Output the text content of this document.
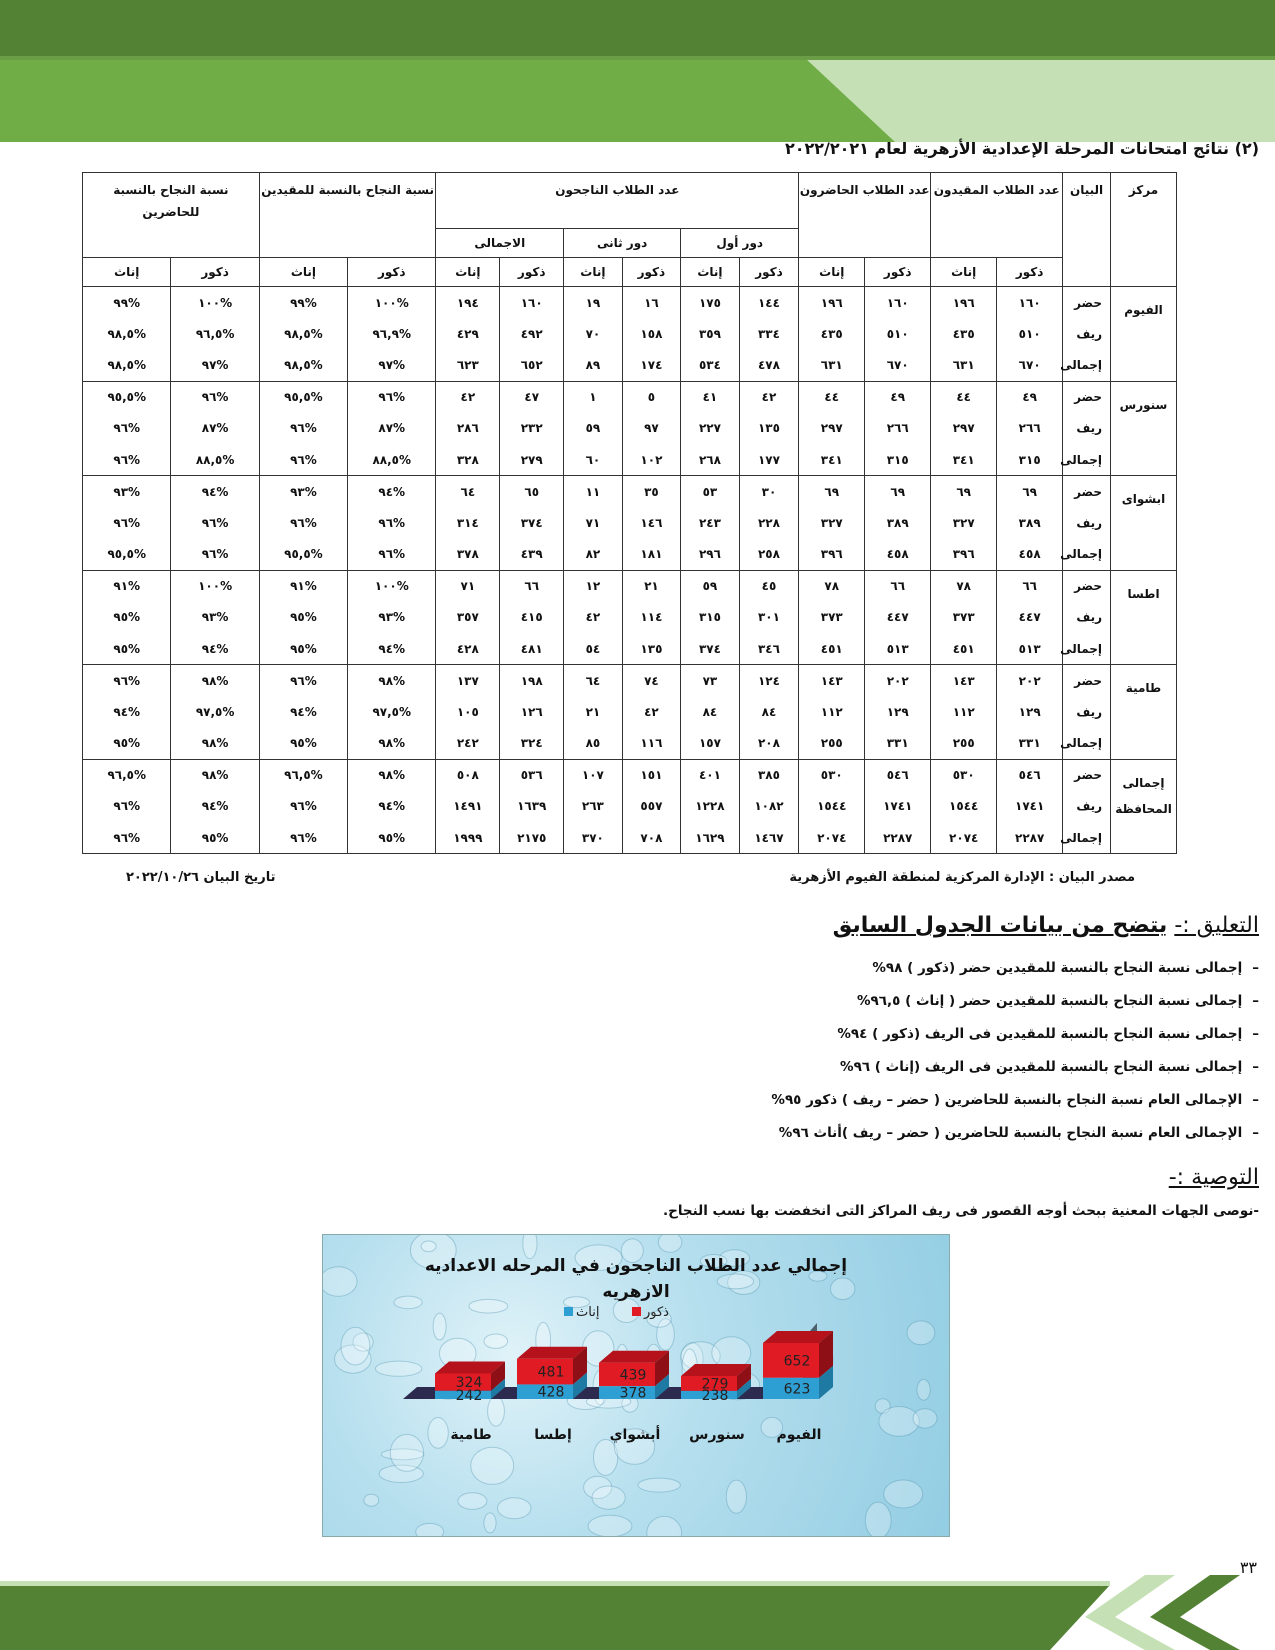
(٢) نتائج امتحانات المرحلة الإعدادية الأزهرية لعام ٢٠٢٢/٢٠٢١
مركز	البيان	عدد الطلاب المقيدون		عدد الطلاب الحاضرون		عدد الطلاب الناجحون						نسبة النجاح بالنسبة للمقيدين		نسبة النجاح بالنسبة للحاضرين	
						دور أول		دور ثانى		الاجمالى					
		ذكور	إناث	ذكور	إناث	ذكور	إناث	ذكور	إناث	ذكور	إناث	ذكور	إناث	ذكور	إناث
الفيوم	حضر	١٦٠	١٩٦	١٦٠	١٩٦	١٤٤	١٧٥	١٦	١٩	١٦٠	١٩٤	%١٠٠	%٩٩	%١٠٠	%٩٩
	ريف	٥١٠	٤٣٥	٥١٠	٤٣٥	٣٣٤	٣٥٩	١٥٨	٧٠	٤٩٢	٤٢٩	%٩٦,٩	%٩٨,٥	%٩٦,٥	%٩٨,٥
	إجمالى	٦٧٠	٦٣١	٦٧٠	٦٣١	٤٧٨	٥٣٤	١٧٤	٨٩	٦٥٢	٦٢٣	%٩٧	%٩٨,٥	%٩٧	%٩٨,٥
سنورس	حضر	٤٩	٤٤	٤٩	٤٤	٤٢	٤١	٥	١	٤٧	٤٢	%٩٦	%٩٥,٥	%٩٦	%٩٥,٥
	ريف	٢٦٦	٢٩٧	٢٦٦	٢٩٧	١٣٥	٢٢٧	٩٧	٥٩	٢٣٢	٢٨٦	%٨٧	%٩٦	%٨٧	%٩٦
	إجمالى	٣١٥	٣٤١	٣١٥	٣٤١	١٧٧	٢٦٨	١٠٢	٦٠	٢٧٩	٣٢٨	%٨٨,٥	%٩٦	%٨٨,٥	%٩٦
ابشواى	حضر	٦٩	٦٩	٦٩	٦٩	٣٠	٥٣	٣٥	١١	٦٥	٦٤	%٩٤	%٩٣	%٩٤	%٩٣
	ريف	٣٨٩	٣٢٧	٣٨٩	٣٢٧	٢٢٨	٢٤٣	١٤٦	٧١	٣٧٤	٣١٤	%٩٦	%٩٦	%٩٦	%٩٦
	إجمالى	٤٥٨	٣٩٦	٤٥٨	٣٩٦	٢٥٨	٢٩٦	١٨١	٨٢	٤٣٩	٣٧٨	%٩٦	%٩٥,٥	%٩٦	%٩٥,٥
اطسا	حضر	٦٦	٧٨	٦٦	٧٨	٤٥	٥٩	٢١	١٢	٦٦	٧١	%١٠٠	%٩١	%١٠٠	%٩١
	ريف	٤٤٧	٣٧٣	٤٤٧	٣٧٣	٣٠١	٣١٥	١١٤	٤٢	٤١٥	٣٥٧	%٩٣	%٩٥	%٩٣	%٩٥
	إجمالى	٥١٣	٤٥١	٥١٣	٤٥١	٣٤٦	٣٧٤	١٣٥	٥٤	٤٨١	٤٢٨	%٩٤	%٩٥	%٩٤	%٩٥
طامية	حضر	٢٠٢	١٤٣	٢٠٢	١٤٣	١٢٤	٧٣	٧٤	٦٤	١٩٨	١٣٧	%٩٨	%٩٦	%٩٨	%٩٦
	ريف	١٢٩	١١٢	١٢٩	١١٢	٨٤	٨٤	٤٢	٢١	١٢٦	١٠٥	%٩٧,٥	%٩٤	%٩٧,٥	%٩٤
	إجمالى	٣٣١	٢٥٥	٣٣١	٢٥٥	٢٠٨	١٥٧	١١٦	٨٥	٣٢٤	٢٤٢	%٩٨	%٩٥	%٩٨	%٩٥
إجمالى المحافظة	حضر	٥٤٦	٥٣٠	٥٤٦	٥٣٠	٣٨٥	٤٠١	١٥١	١٠٧	٥٣٦	٥٠٨	%٩٨	%٩٦,٥	%٩٨	%٩٦,٥
	ريف	١٧٤١	١٥٤٤	١٧٤١	١٥٤٤	١٠٨٢	١٢٢٨	٥٥٧	٢٦٣	١٦٣٩	١٤٩١	%٩٤	%٩٦	%٩٤	%٩٦
	إجمالى	٢٢٨٧	٢٠٧٤	٢٢٨٧	٢٠٧٤	١٤٦٧	١٦٢٩	٧٠٨	٣٧٠	٢١٧٥	١٩٩٩	%٩٥	%٩٦	%٩٥	%٩٦
مصدر البيان : الإدارة المركزية لمنطقة الفيوم الأزهرية
تاريخ البيان ٢٠٢٢/١٠/٢٦
التعليق :- يتضح من بيانات الجدول السابق
–إجمالى نسبة النجاح بالنسبة للمقيدين حضر (ذكور ) ٩٨%
–إجمالى نسبة النجاح بالنسبة للمقيدين حضر ( إناث ) ٩٦,٥%
–إجمالى نسبة النجاح بالنسبة للمقيدين فى الريف (ذكور ) ٩٤%
–إجمالى نسبة النجاح بالنسبة للمقيدين فى الريف (إناث ) ٩٦%
–الإجمالى العام نسبة النجاح بالنسبة للحاضرين ( حضر – ريف ) ذكور ٩٥%
–الإجمالى العام نسبة النجاح بالنسبة للحاضرين ( حضر – ريف )أناث ٩٦%
التوصية :-
-نوصى الجهات المعنية ببحث أوجه القصور فى ريف المراكز التى انخفضت بها نسب النجاح.
إجمالي عدد الطلاب الناجحون في المرحله الاعداديه
الازهريه
ذكور
إناث
652
623
الفيوم
279
238
سنورس
439
378
أبشواي
481
428
إطسا
324
242
طامية
٣٣
